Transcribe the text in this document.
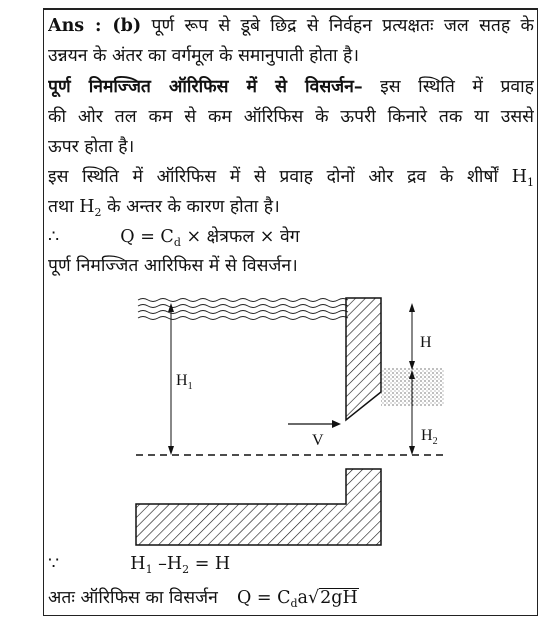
Ans : (b) पूर्ण रूप से डूबे छिद्र से निर्वहन प्रत्यक्षतः जल सतह के
उन्नयन के अंतर का वर्गमूल के समानुपाती होता है।
पूर्ण निमज्जित ऑरिफिस में से विसर्जन– इस स्थिति में प्रवाह
की ओर तल कम से कम ऑरिफिस के ऊपरी किनारे तक या उससे
ऊपर होता है।
इस स्थिति में ऑरिफिस में से प्रवाह दोनों ओर द्रव के शीर्षों $H_1$
तथा $H_2$ के अन्तर के कारण होता है।
∴	$Q = C_d$ × क्षेत्रफल × वेग
पूर्ण निमज्जित आरिफिस में से विसर्जन।
$H_1$
H
$H_2$
V
∵	$H_1$ $-H_2 = H$
अतः ऑरिफिस का विसर्जन $Q = C_da√2gH$
